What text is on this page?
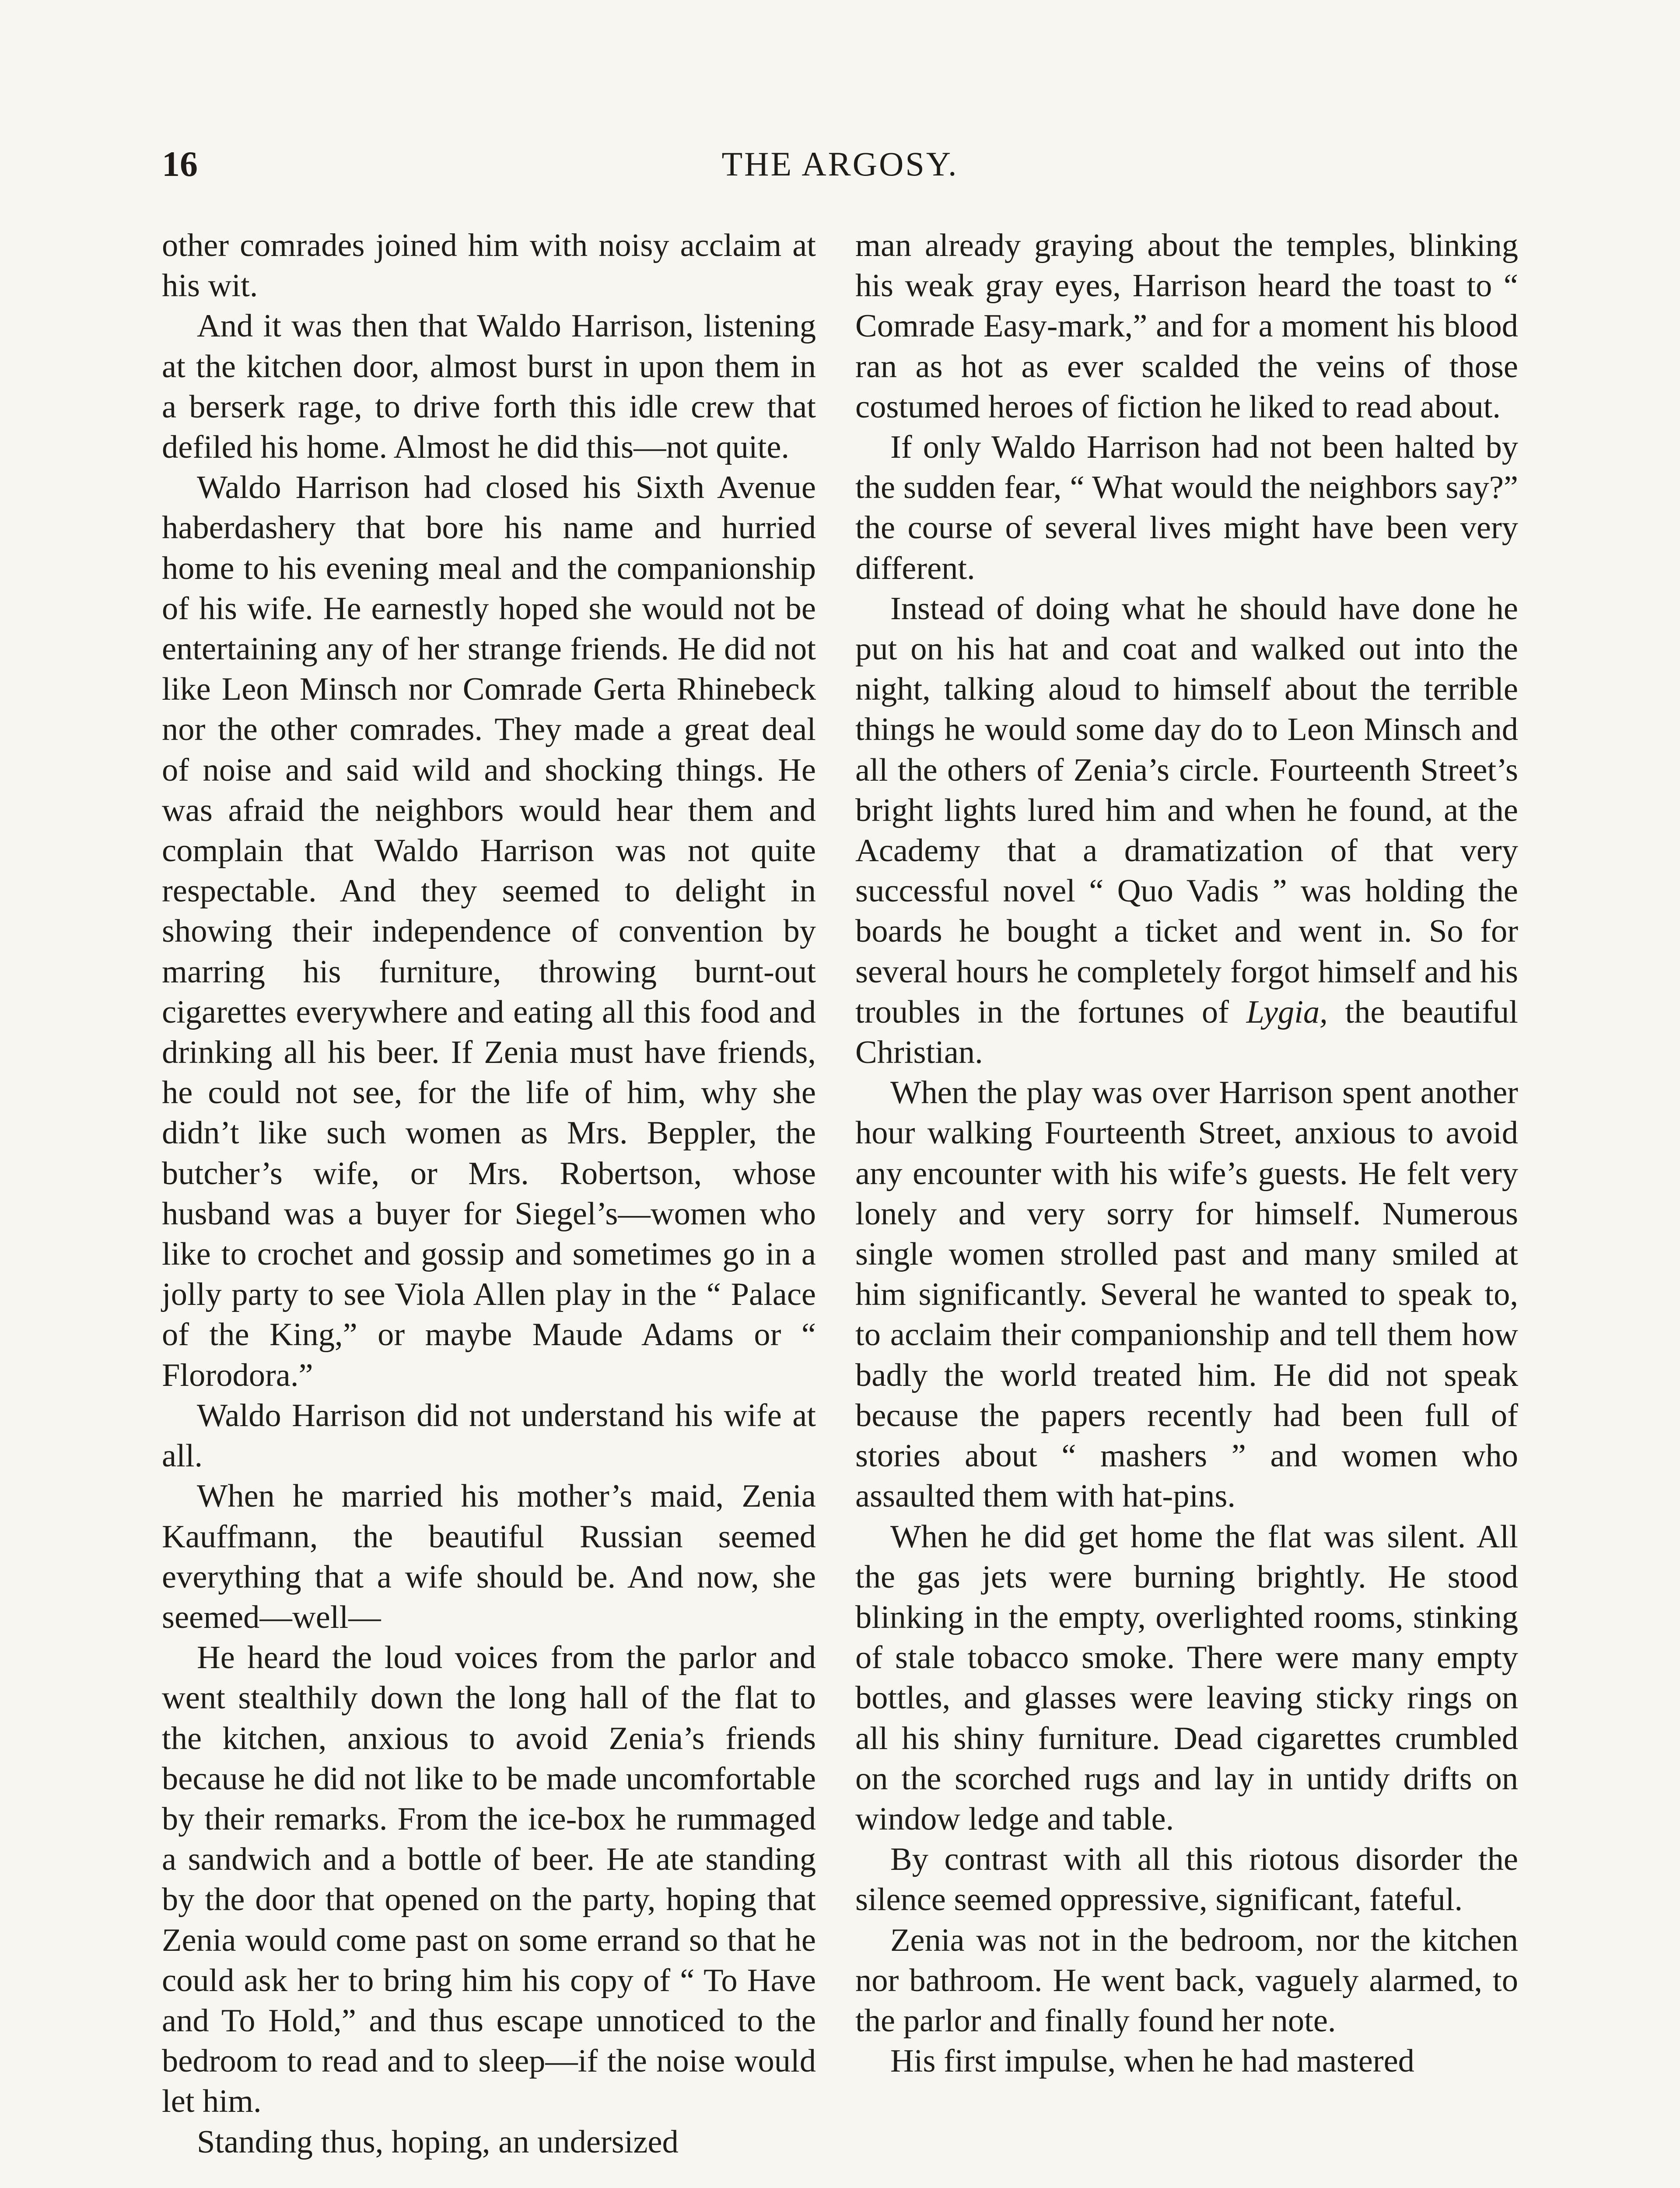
16	THE ARGOSY.

other comrades joined him with noisy acclaim at his wit.

And it was then that Waldo Harrison, listening at the kitchen door, almost burst in upon them in a berserk rage, to drive forth this idle crew that defiled his home. Almost he did this—not quite.

Waldo Harrison had closed his Sixth Avenue haberdashery that bore his name and hurried home to his evening meal and the companionship of his wife. He earnestly hoped she would not be entertaining any of her strange friends. He did not like Leon Minsch nor Comrade Gerta Rhinebeck nor the other comrades. They made a great deal of noise and said wild and shocking things. He was afraid the neighbors would hear them and complain that Waldo Harrison was not quite respectable. And they seemed to delight in showing their independence of convention by marring his furniture, throwing burnt-out cigarettes everywhere and eating all this food and drinking all his beer. If Zenia must have friends, he could not see, for the life of him, why she didn’t like such women as Mrs. Beppler, the butcher’s wife, or Mrs. Robertson, whose husband was a buyer for Siegel’s—women who like to crochet and gossip and sometimes go in a jolly party to see Viola Allen play in the “ Palace of the King,” or maybe Maude Adams or “ Florodora.”

Waldo Harrison did not understand his wife at all.

When he married his mother’s maid, Zenia Kauffmann, the beautiful Russian seemed everything that a wife should be. And now, she seemed—well—

He heard the loud voices from the parlor and went stealthily down the long hall of the flat to the kitchen, anxious to avoid Zenia’s friends because he did not like to be made uncomfortable by their remarks. From the ice-box he rummaged a sandwich and a bottle of beer. He ate standing by the door that opened on the party, hoping that Zenia would come past on some errand so that he could ask her to bring him his copy of “ To Have and To Hold,” and thus escape unnoticed to the bedroom to read and to sleep—if the noise would let him.

Standing thus, hoping, an undersized

man already graying about the temples, blinking his weak gray eyes, Harrison heard the toast to “ Comrade Easy-mark,” and for a moment his blood ran as hot as ever scalded the veins of those costumed heroes of fiction he liked to read about.

If only Waldo Harrison had not been halted by the sudden fear, “ What would the neighbors say?” the course of several lives might have been very different.

Instead of doing what he should have done he put on his hat and coat and walked out into the night, talking aloud to himself about the terrible things he would some day do to Leon Minsch and all the others of Zenia’s circle. Fourteenth Street’s bright lights lured him and when he found, at the Academy that a dramatization of that very successful novel “ Quo Vadis ” was holding the boards he bought a ticket and went in. So for several hours he completely forgot himself and his troubles in the fortunes of Lygia, the beautiful Christian.

When the play was over Harrison spent another hour walking Fourteenth Street, anxious to avoid any encounter with his wife’s guests. He felt very lonely and very sorry for himself. Numerous single women strolled past and many smiled at him significantly. Several he wanted to speak to, to acclaim their companionship and tell them how badly the world treated him. He did not speak because the papers recently had been full of stories about “ mashers ” and women who assaulted them with hat-pins.

When he did get home the flat was silent. All the gas jets were burning brightly. He stood blinking in the empty, overlighted rooms, stinking of stale tobacco smoke. There were many empty bottles, and glasses were leaving sticky rings on all his shiny furniture. Dead cigarettes crumbled on the scorched rugs and lay in untidy drifts on window ledge and table.

By contrast with all this riotous disorder the silence seemed oppressive, significant, fateful.

Zenia was not in the bedroom, nor the kitchen nor bathroom. He went back, vaguely alarmed, to the parlor and finally found her note.

His first impulse, when he had mastered
